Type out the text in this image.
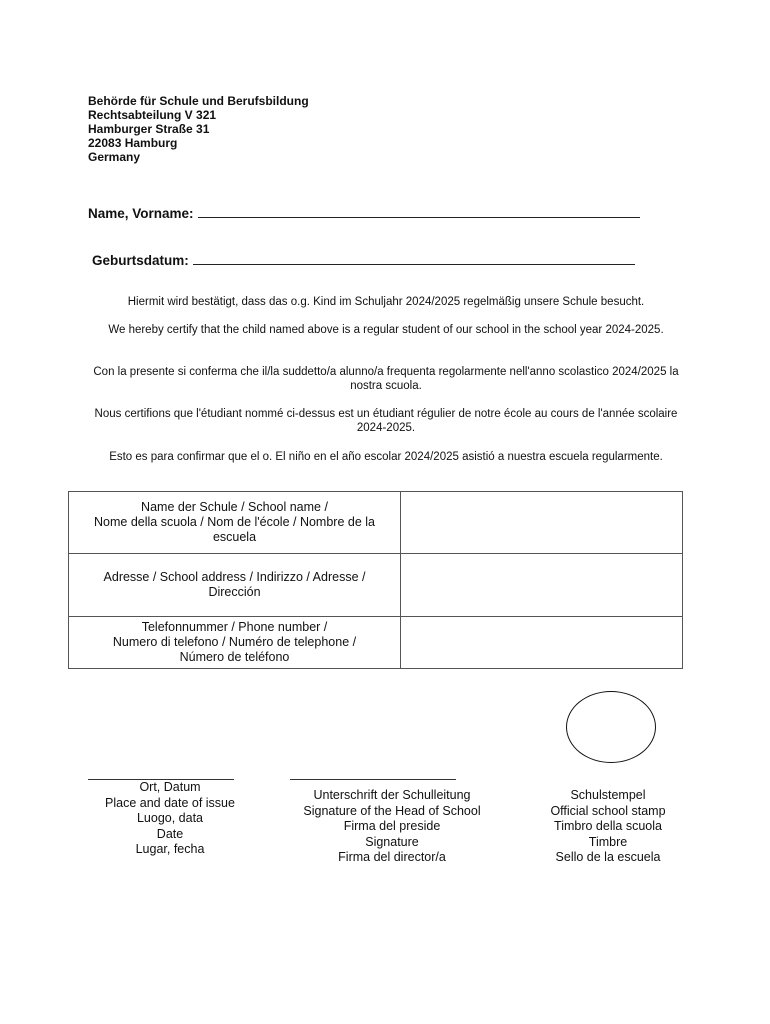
Behörde für Schule und Berufsbildung
Rechtsabteilung V 321
Hamburger Straße 31
22083 Hamburg
Germany
Name, Vorname:
Geburtsdatum:
Hiermit wird bestätigt, dass das o.g. Kind im Schuljahr 2024/2025 regelmäßig unsere Schule besucht.
We hereby certify that the child named above is a regular student of our school in the school year 2024-2025.
Con la presente si conferma che il/la suddetto/a alunno/a frequenta regolarmente nell'anno scolastico 2024/2025 la nostra scuola.
Nous certifions que l'étudiant nommé ci-dessus est un étudiant régulier de notre école au cours de l'année scolaire 2024-2025.
Esto es para confirmar que el o. El niño en el año escolar 2024/2025 asistió a nuestra escuela regularmente.
Name der Schule / School name /
Nome della scuola / Nom de l'école / Nombre de la escuela	
Adresse / School address / Indirizzo / Adresse / Dirección	
Telefonnummer / Phone number /
Numero di telefono / Numéro de telephone /
Número de teléfono	
Ort, Datum
Place and date of issue
Luogo, data
Date
Lugar, fecha
Unterschrift der Schulleitung
Signature of the Head of School
Firma del preside
Signature
Firma del director/a
Schulstempel
Official school stamp
Timbro della scuola
Timbre
Sello de la escuela
